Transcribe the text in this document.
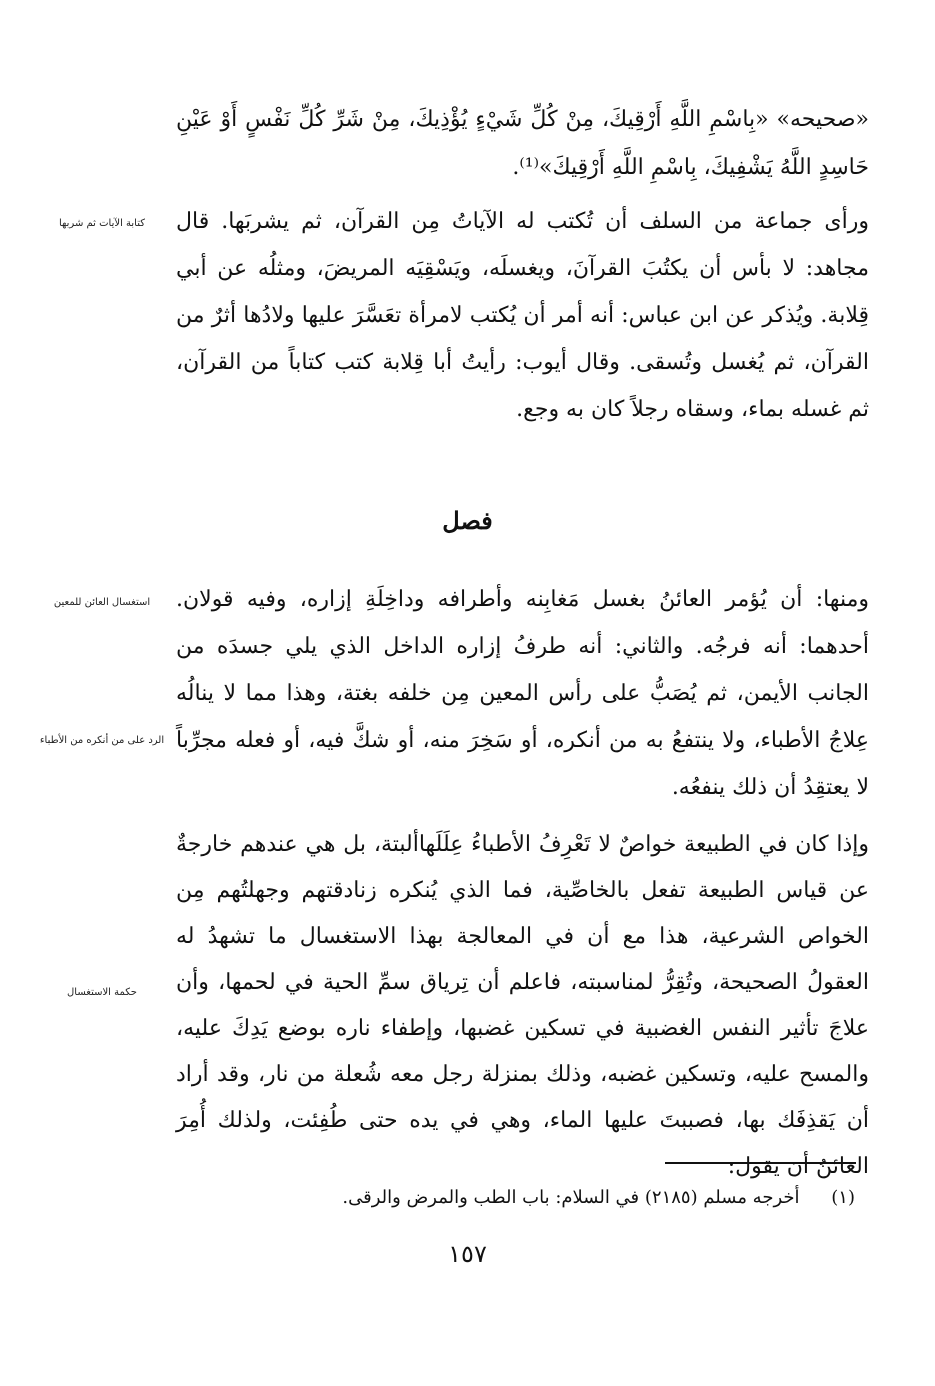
«صحيحه» «بِاسْمِ اللَّهِ أَرْقِيكَ، مِنْ كُلِّ شَيْءٍ يُؤْذِيكَ، مِنْ شَرِّ كُلِّ نَفْسٍ أَوْ عَيْنِ حَاسِدٍ اللَّهُ يَشْفِيكَ، بِاسْمِ اللَّهِ أَرْقِيكَ»⁽¹⁾.

كتابة الآيات ثم شربها	ورأى جماعة من السلف أن تُكتب له الآياتُ مِن القرآن، ثم يشربَها. قال مجاهد: لا بأس أن يكتُبَ القرآنَ، ويغسلَه، ويَسْقِيَه المريضَ، ومثلُه عن أبي قِلابة. ويُذكر عن ابن عباس: أنه أمر أن يُكتب لامرأة تعَسَّرَ عليها ولادُها أثرٌ من القرآن، ثم يُغسل وتُسقى. وقال أيوب: رأيتُ أبا قِلابة كتب كتاباً من القرآن، ثم غسله بماء، وسقاه رجلاً كان به وجع.

فصل
استغسال العائن للمعين
الرد على من أنكره من الأطباء

ومنها: أن يُؤمر العائنُ بغسل مَغابِنه وأطرافه وداخِلَةِ إزاره، وفيه قولان. أحدهما: أنه فرجُه. والثاني: أنه طرفُ إزاره الداخل الذي يلي جسدَه من الجانب الأيمن، ثم يُصَبُّ على رأس المعين مِن خلفه بغتة، وهذا مما لا ينالُه عِلاجُ الأطباء، ولا ينتفعُ به من أنكره، أو سَخِرَ منه، أو شكَّ فيه، أو فعله مجرِّباً لا يعتقِدُ أن ذلك ينفعُه.

حكمة الاستغسال

وإذا كان في الطبيعة خواصٌ لا تَعْرِفُ الأطباءُ عِلَلَهاألبتة، بل هي عندهم خارجةٌ عن قياس الطبيعة تفعل بالخاصِّية، فما الذي يُنكره زنادقتهم وجهلتُهم مِن الخواص الشرعية، هذا مع أن في المعالجة بهذا الاستغسال ما تشهدُ له العقولُ الصحيحة، وتُقِرُّ لمناسبته، فاعلم أن تِرياق سمِّ الحية في لحمها، وأن علاجَ تأثير النفس الغضبية في تسكين غضبها، وإطفاء ناره بوضع يَدِكَ عليه، والمسح عليه، وتسكين غضبه، وذلك بمنزلة رجل معه شُعلة من نار، وقد أراد أن يَقذِفَك بها، فصببتَ عليها الماء، وهي في يده حتى طُفِئت، ولذلك أُمِرَ العائنُ أن يقول:

(١) أخرجه مسلم (٢١٨٥) في السلام: باب الطب والمرض والرقى.

١٥٧
